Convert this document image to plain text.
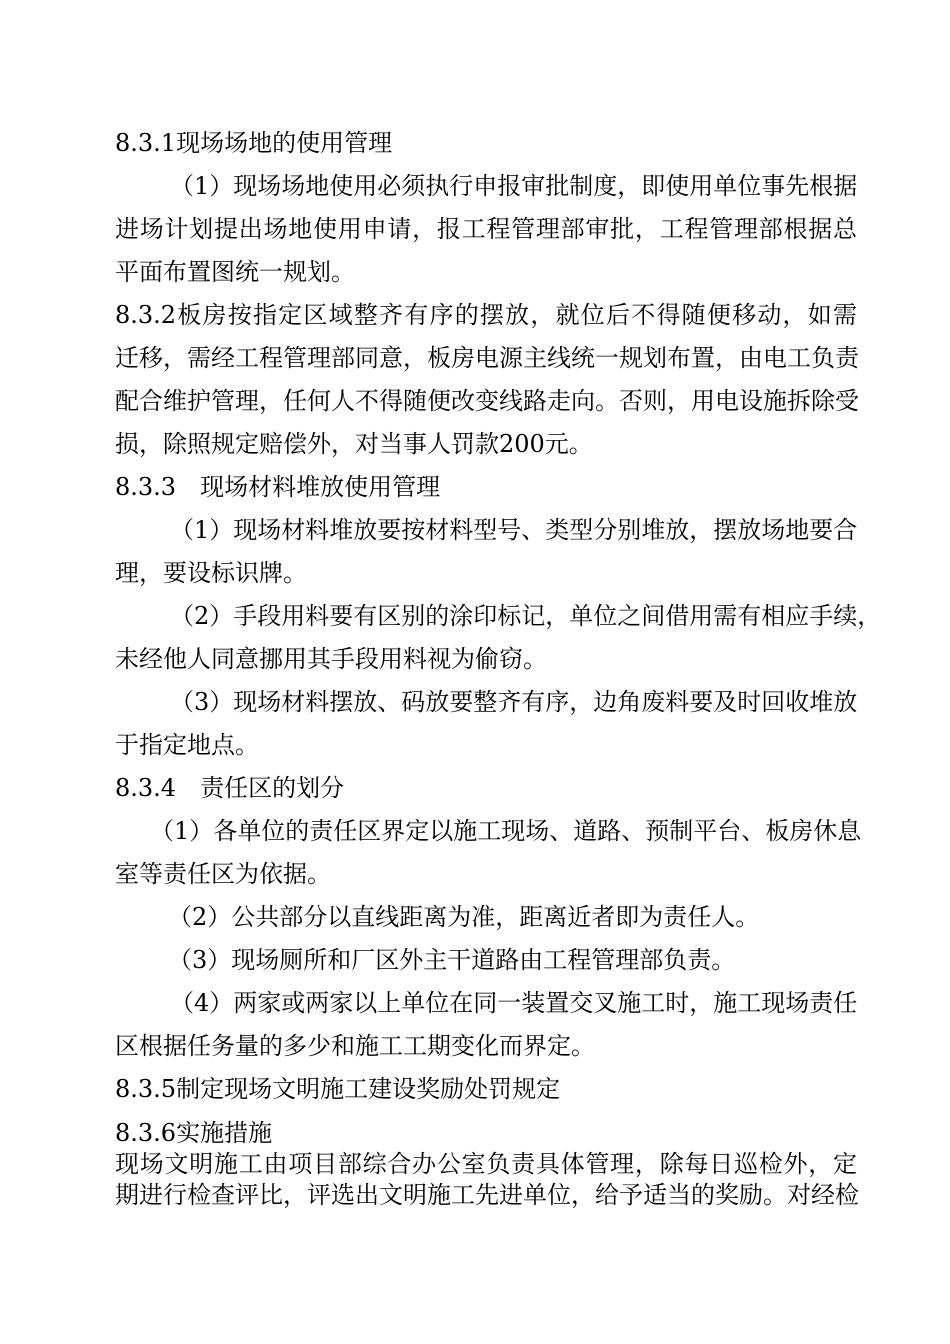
8.3.1现场场地的使用管理
（1）现场场地使用必须执行申报审批制度，即使用单位事先根据
进场计划提出场地使用申请，报工程管理部审批，工程管理部根据总
平面布置图统一规划。
8.3.2板房按指定区域整齐有序的摆放，就位后不得随便移动，如需
迁移，需经工程管理部同意，板房电源主线统一规划布置，由电工负责
配合维护管理，任何人不得随便改变线路走向。否则，用电设施拆除受
损，除照规定赔偿外，对当事人罚款200元。
8.3.3　现场材料堆放使用管理
（1）现场材料堆放要按材料型号、类型分别堆放，摆放场地要合
理，要设标识牌。
（2）手段用料要有区别的涂印标记，单位之间借用需有相应手续，
未经他人同意挪用其手段用料视为偷窃。
（3）现场材料摆放、码放要整齐有序，边角废料要及时回收堆放
于指定地点。
8.3.4　责任区的划分
（1）各单位的责任区界定以施工现场、道路、预制平台、板房休息
室等责任区为依据。
（2）公共部分以直线距离为准，距离近者即为责任人。
（3）现场厕所和厂区外主干道路由工程管理部负责。
（4）两家或两家以上单位在同一装置交叉施工时，施工现场责任
区根据任务量的多少和施工工期变化而界定。
8.3.5制定现场文明施工建设奖励处罚规定
8.3.6实施措施
现场文明施工由项目部综合办公室负责具体管理，除每日巡检外，定
期进行检查评比，评选出文明施工先进单位，给予适当的奖励。对经检
